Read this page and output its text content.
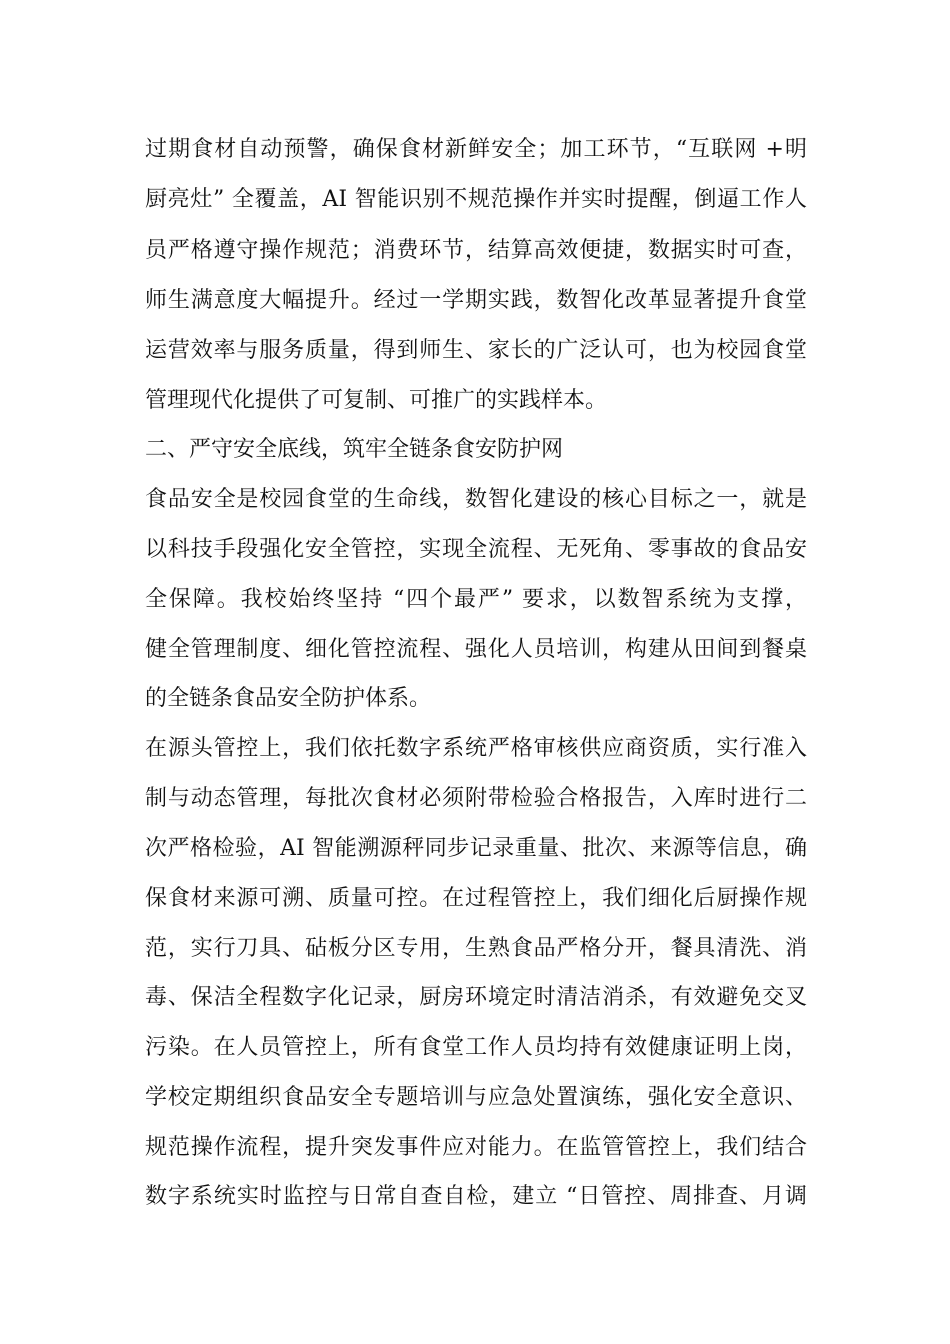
过期食材自动预警，确保食材新鲜安全；加工环节，“互联网 +明
厨亮灶” 全覆盖，AI 智能识别不规范操作并实时提醒，倒逼工作人
员严格遵守操作规范；消费环节，结算高效便捷，数据实时可查，
师生满意度大幅提升。经过一学期实践，数智化改革显著提升食堂
运营效率与服务质量，得到师生、家长的广泛认可，也为校园食堂
管理现代化提供了可复制、可推广的实践样本。
二、严守安全底线，筑牢全链条食安防护网
食品安全是校园食堂的生命线，数智化建设的核心目标之一，就是
以科技手段强化安全管控，实现全流程、无死角、零事故的食品安
全保障。我校始终坚持 “四个最严” 要求，以数智系统为支撑，
健全管理制度、细化管控流程、强化人员培训，构建从田间到餐桌
的全链条食品安全防护体系。
在源头管控上，我们依托数字系统严格审核供应商资质，实行准入
制与动态管理，每批次食材必须附带检验合格报告，入库时进行二
次严格检验，AI 智能溯源秤同步记录重量、批次、来源等信息，确
保食材来源可溯、质量可控。在过程管控上，我们细化后厨操作规
范，实行刀具、砧板分区专用，生熟食品严格分开，餐具清洗、消
毒、保洁全程数字化记录，厨房环境定时清洁消杀，有效避免交叉
污染。在人员管控上，所有食堂工作人员均持有效健康证明上岗，
学校定期组织食品安全专题培训与应急处置演练，强化安全意识、
规范操作流程，提升突发事件应对能力。在监管管控上，我们结合
数字系统实时监控与日常自查自检，建立 “日管控、周排查、月调
